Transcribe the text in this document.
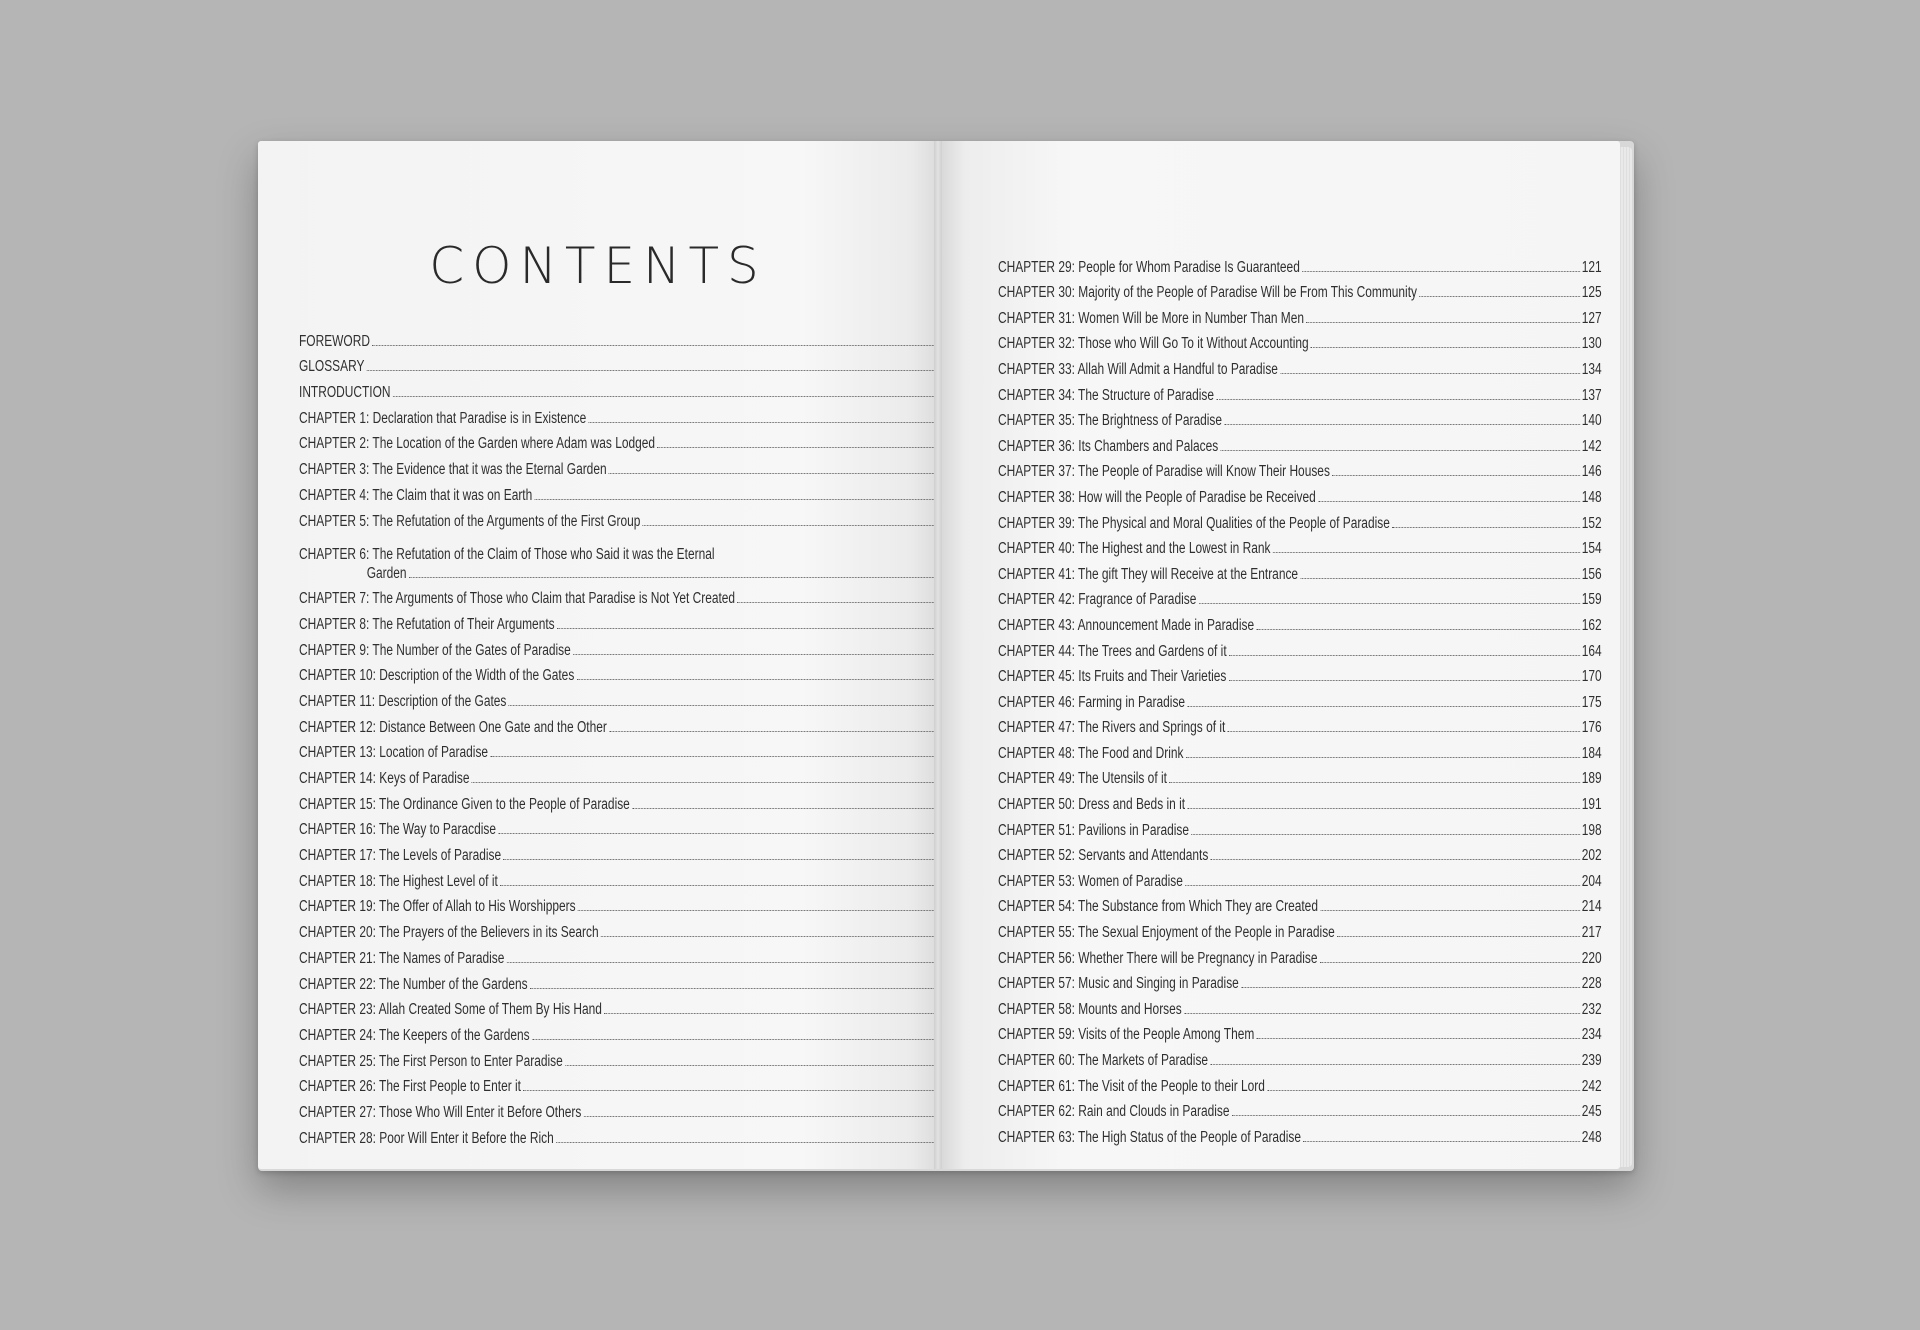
CONTENTS
FOREWORD
GLOSSARY
INTRODUCTION
CHAPTER 1: Declaration that Paradise is in Existence
CHAPTER 2: The Location of the Garden where Adam was Lodged
CHAPTER 3: The Evidence that it was the Eternal Garden
CHAPTER 4: The Claim that it was on Earth
CHAPTER 5: The Refutation of the Arguments of the First Group
CHAPTER 6: The Refutation of the Claim of Those who Said it was the Eternal
Garden
CHAPTER 7: The Arguments of Those who Claim that Paradise is Not Yet Created
CHAPTER 8: The Refutation of Their Arguments
CHAPTER 9: The Number of the Gates of Paradise
CHAPTER 10: Description of the Width of the Gates
CHAPTER 11: Description of the Gates
CHAPTER 12: Distance Between One Gate and the Other
CHAPTER 13: Location of Paradise
CHAPTER 14: Keys of Paradise
CHAPTER 15: The Ordinance Given to the People of Paradise
CHAPTER 16: The Way to Paracdise
CHAPTER 17: The Levels of Paradise
CHAPTER 18: The Highest Level of it
CHAPTER 19: The Offer of Allah to His Worshippers
CHAPTER 20: The Prayers of the Believers in its Search
CHAPTER 21: The Names of Paradise
CHAPTER 22: The Number of the Gardens
CHAPTER 23: Allah Created Some of Them By His Hand
CHAPTER 24: The Keepers of the Gardens
CHAPTER 25: The First Person to Enter Paradise
CHAPTER 26: The First People to Enter it
CHAPTER 27: Those Who Will Enter it Before Others
CHAPTER 28: Poor Will Enter it Before the Rich
CHAPTER 29: People for Whom Paradise Is Guaranteed	121
CHAPTER 30: Majority of the People of Paradise Will be From This Community	125
CHAPTER 31: Women Will be More in Number Than Men	127
CHAPTER 32: Those who Will Go To it Without Accounting	130
CHAPTER 33: Allah Will Admit a Handful to Paradise	134
CHAPTER 34: The Structure of Paradise	137
CHAPTER 35: The Brightness of Paradise	140
CHAPTER 36: Its Chambers and Palaces	142
CHAPTER 37: The People of Paradise will Know Their Houses	146
CHAPTER 38: How will the People of Paradise be Received	148
CHAPTER 39: The Physical and Moral Qualities of the People of Paradise	152
CHAPTER 40: The Highest and the Lowest in Rank	154
CHAPTER 41: The gift They will Receive at the Entrance	156
CHAPTER 42: Fragrance of Paradise	159
CHAPTER 43: Announcement Made in Paradise	162
CHAPTER 44: The Trees and Gardens of it	164
CHAPTER 45: Its Fruits and Their Varieties	170
CHAPTER 46: Farming in Paradise	175
CHAPTER 47: The Rivers and Springs of it	176
CHAPTER 48: The Food and Drink	184
CHAPTER 49: The Utensils of it	189
CHAPTER 50: Dress and Beds in it	191
CHAPTER 51: Pavilions in Paradise	198
CHAPTER 52: Servants and Attendants	202
CHAPTER 53: Women of Paradise	204
CHAPTER 54: The Substance from Which They are Created	214
CHAPTER 55: The Sexual Enjoyment of the People in Paradise	217
CHAPTER 56: Whether There will be Pregnancy in Paradise	220
CHAPTER 57: Music and Singing in Paradise	228
CHAPTER 58: Mounts and Horses	232
CHAPTER 59: Visits of the People Among Them	234
CHAPTER 60: The Markets of Paradise	239
CHAPTER 61: The Visit of the People to their Lord	242
CHAPTER 62: Rain and Clouds in Paradise	245
CHAPTER 63: The High Status of the People of Paradise	248
